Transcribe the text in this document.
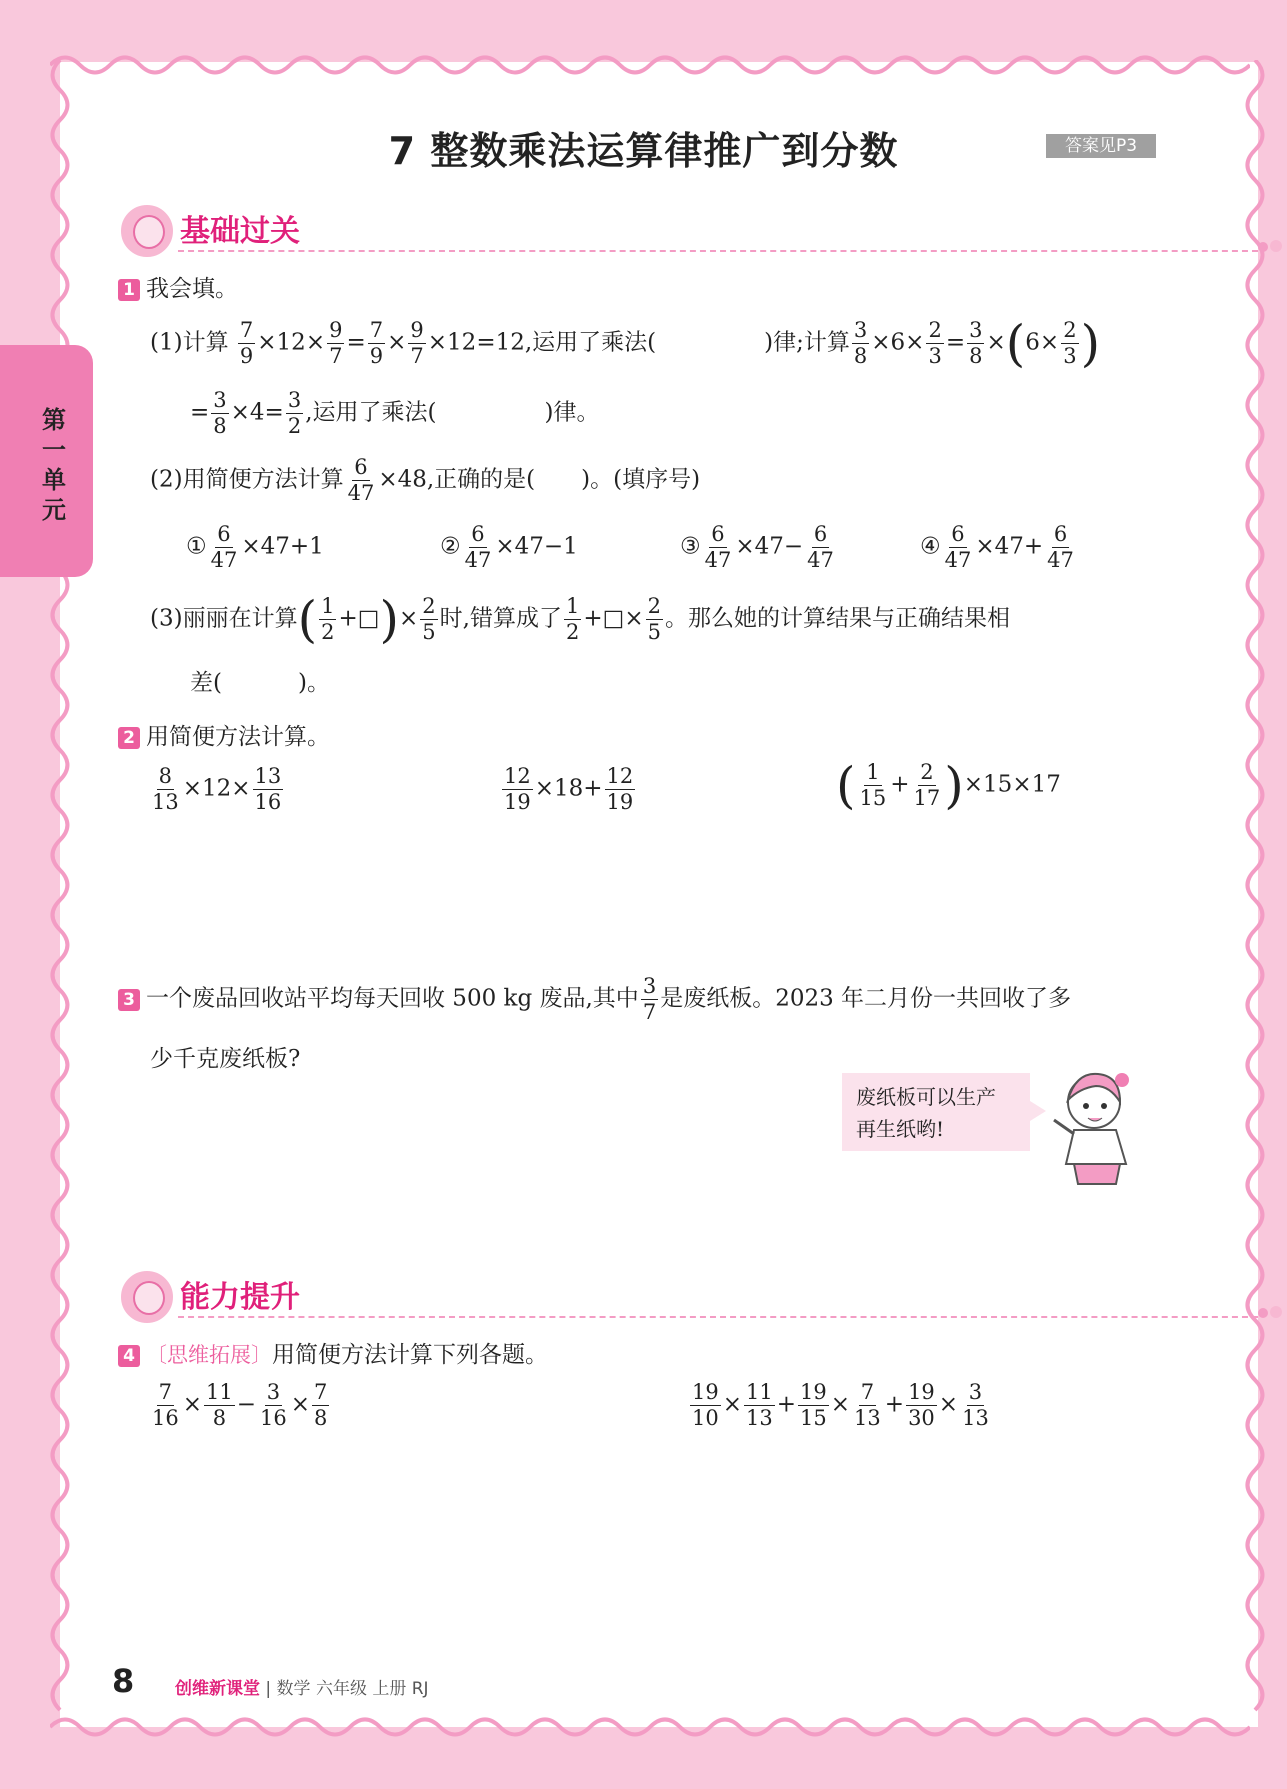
7 整数乘法运算律推广到分数	答案见P3
第
一
单
元
基础过关
1 我会填。
(1)计算 $\frac{7}{9} \times 12\times \frac{9}{7} = \frac{7}{9} \times \frac{9}{7} \times 12=12$,运用了乘法(	)律;计算 $\frac{3}{8} \times 6\times \frac{2}{3} = \frac{3}{8} \times(6\times \frac{2}{3}$ )
= $\frac{3}{8} \times 4= \frac{3}{2}$ ,运用了乘法(	)律。
(2)用简便方法计算 $\frac{6}{47} \times 48$,正确的是( )。(填序号)
① $\frac{6}{47} \times 47+1$	② $\frac{6}{47} \times 47-1$	③ $\frac{6}{47} \times 47- \frac{6}{47}$	④ $\frac{6}{47} \times 47+ \frac{6}{47}$
(3)丽丽在计算( $\frac{1}{2}$ +□)× $\frac{2}{5}$ 时,错算成了 $\frac{1}{2}$ +□× $\frac{2}{5}$ 。那么她的计算结果与正确结果相
差(	)。
2 用简便方法计算。
$\frac{8}{13} \times 12\times \frac{13}{16}$	$\frac{12}{19} \times 18+ \frac{12}{19}$	( $\frac{1}{15} + \frac{2}{17} )\times 15\times 17$
3 一个废品回收站平均每天回收 500 kg 废品,其中 $\frac{3}{7}$ 是废纸板。2023 年二月份一共回收了多
少千克废纸板?
废纸板可以生产
再生纸哟!
能力提升
4 〔思维拓展〕用简便方法计算下列各题。
$\frac{7}{16} \times \frac{11}{8} - \frac{3}{16} \times \frac{7}{8}$	$\frac{19}{10} \times \frac{11}{13} + \frac{19}{15} \times \frac{7}{13} + \frac{19}{30} \times \frac{3}{13}$
8 创维新课堂 | 数学 六年级 上册 RJ
